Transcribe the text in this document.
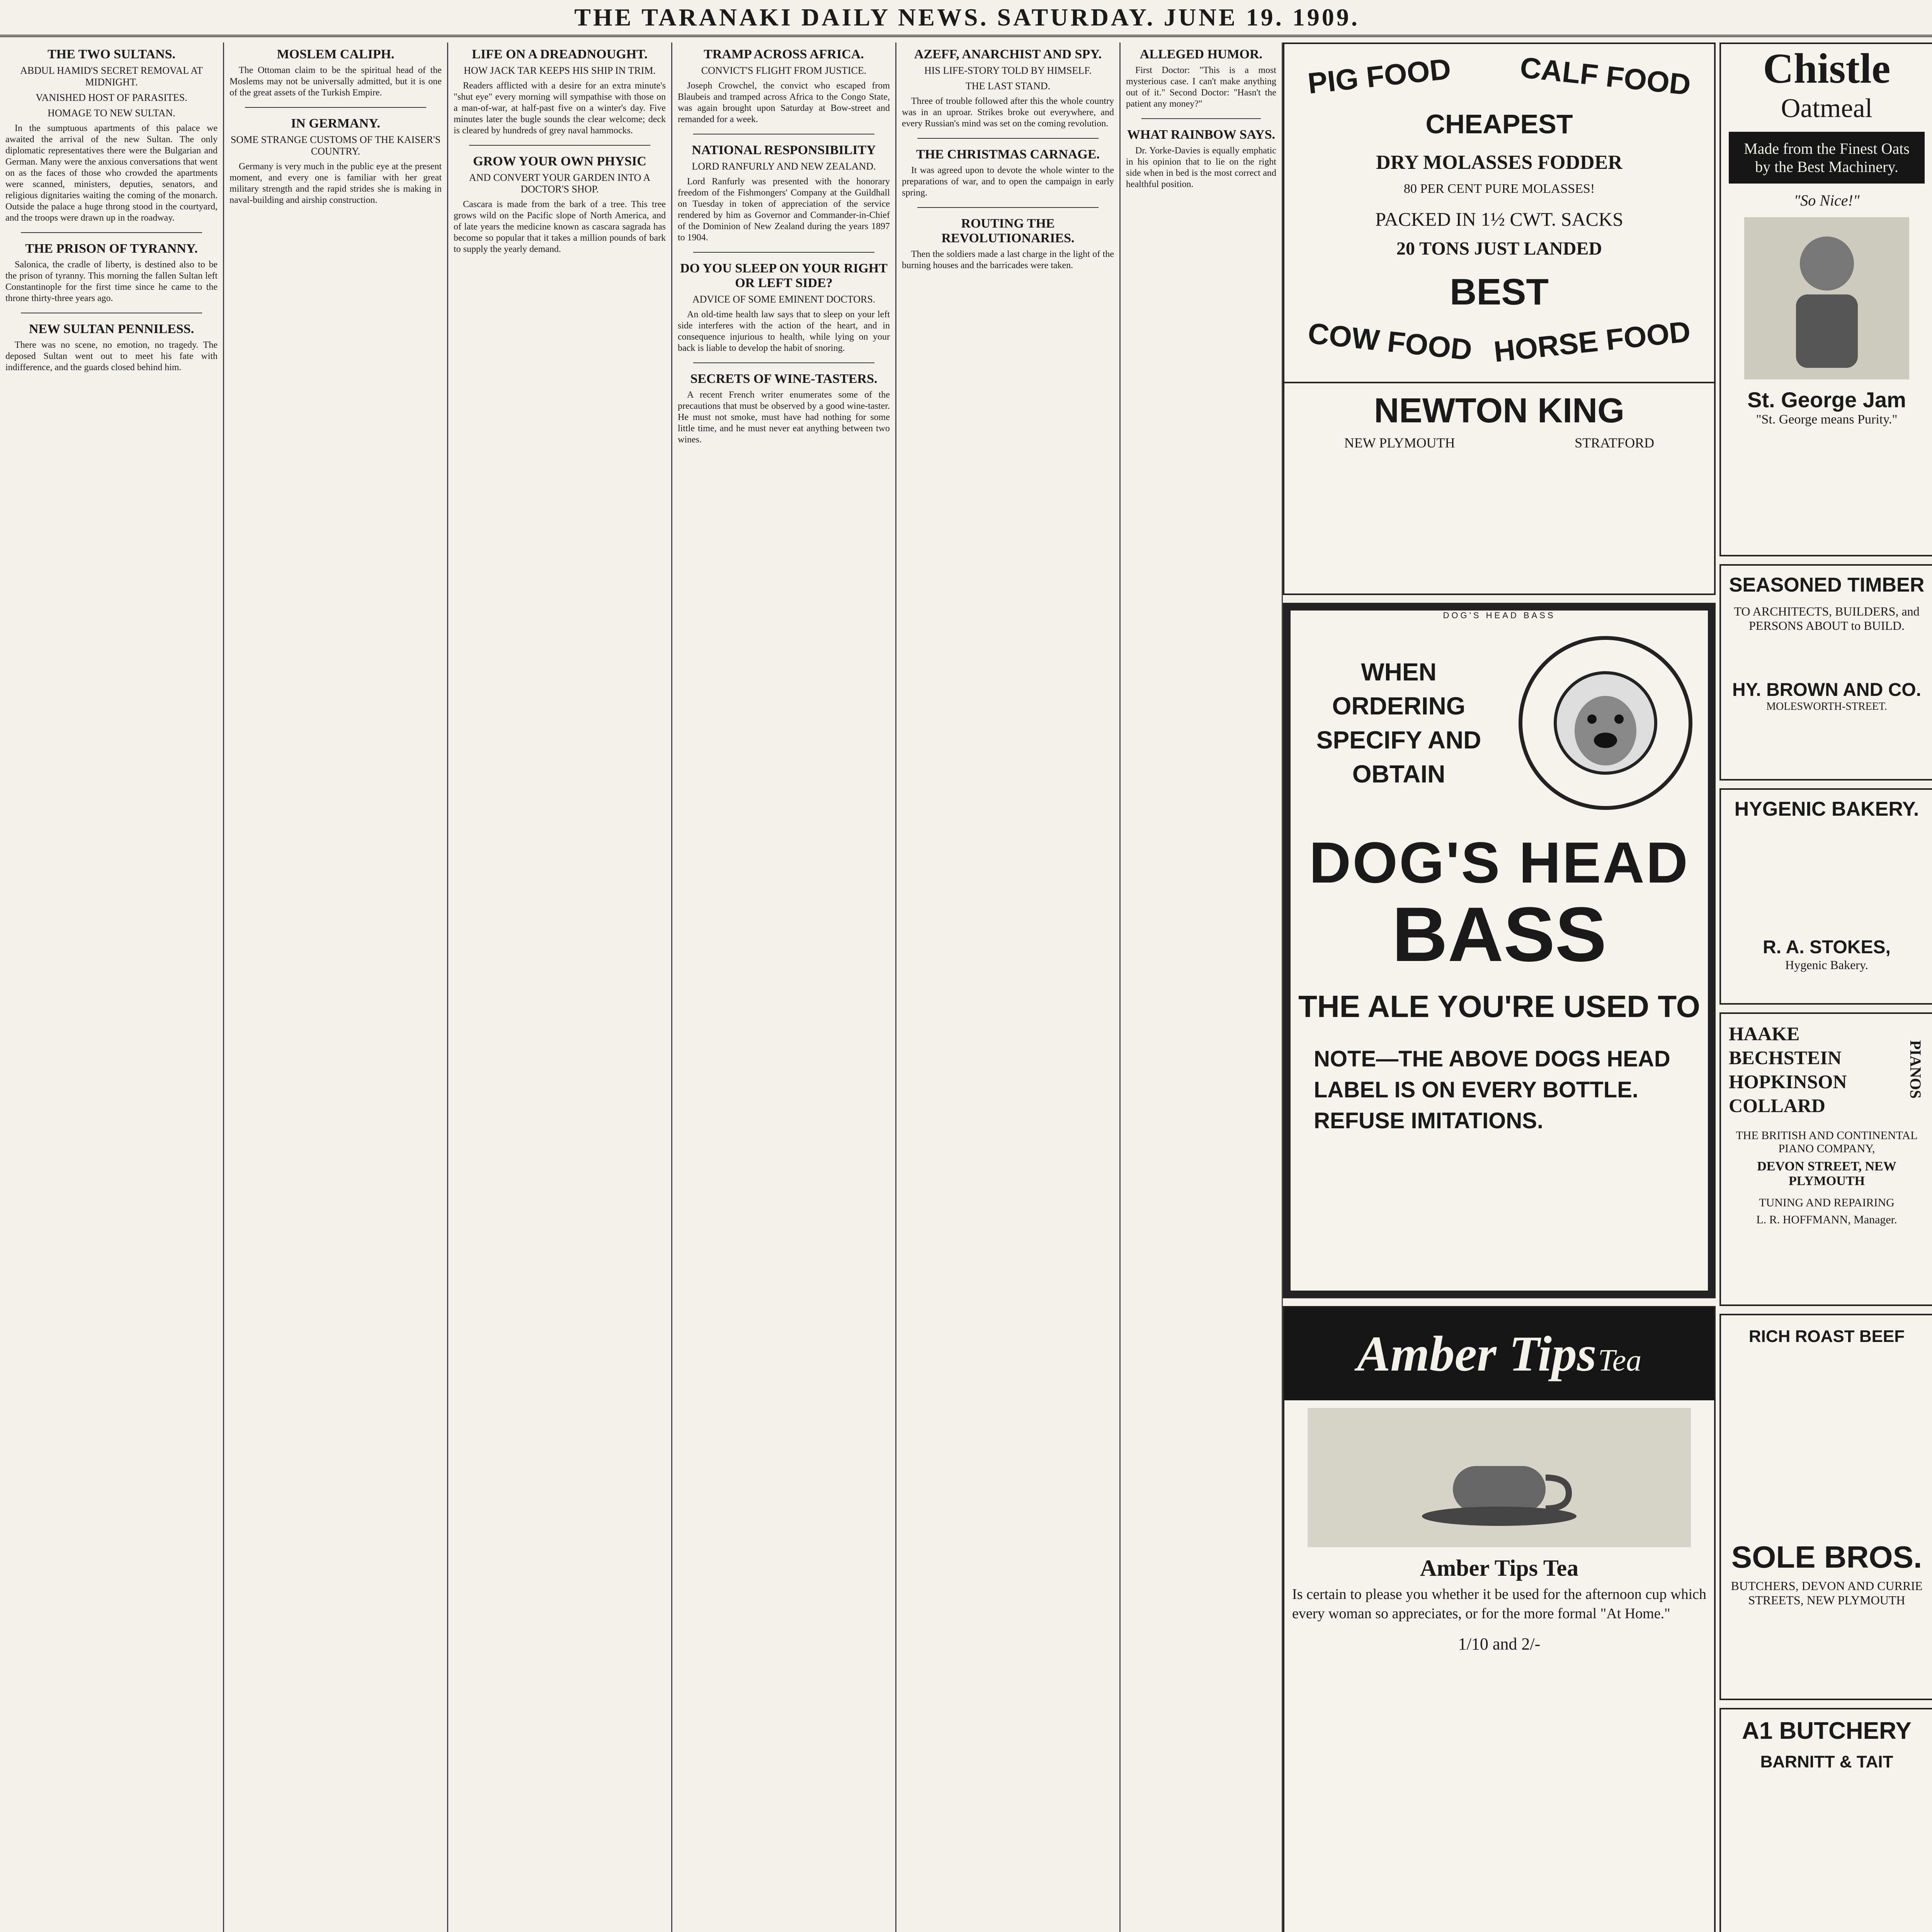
THE TARANAKI DAILY NEWS. SATURDAY. JUNE 19. 1909.
THE TWO SULTANS.
ABDUL HAMID'S SECRET REMOVAL AT MIDNIGHT.
VANISHED HOST OF PARASITES.
HOMAGE TO NEW SULTAN.

In the sumptuous apartments of this palace we awaited the arrival of the new Sultan. The only diplomatic representatives there were the Bulgarian and German. Many were the anxious conversations that went on as the faces of those who crowded the apartments were scanned, ministers, deputies, senators, and religious dignitaries waiting the coming of the monarch. Outside the palace a huge throng stood in the courtyard, and the troops were drawn up in the roadway.

THE PRISON OF TYRANNY.

Salonica, the cradle of liberty, is destined also to be the prison of tyranny. This morning the fallen Sultan left Constantinople for the first time since he came to the throne thirty-three years ago.

NEW SULTAN PENNILESS.

There was no scene, no emotion, no tragedy. The deposed Sultan went out to meet his fate with indifference, and the guards closed behind him.

MOSLEM CALIPH.

The Ottoman claim to be the spiritual head of the Moslems may not be universally admitted, but it is one of the great assets of the Turkish Empire.

IN GERMANY.
SOME STRANGE CUSTOMS OF THE KAISER'S COUNTRY.

Germany is very much in the public eye at the present moment, and every one is familiar with her great military strength and the rapid strides she is making in naval-building and airship construction.

LIFE ON A DREADNOUGHT.
HOW JACK TAR KEEPS HIS SHIP IN TRIM.

Readers afflicted with a desire for an extra minute's "shut eye" every morning will sympathise with those on a man-of-war, at half-past five on a winter's day. Five minutes later the bugle sounds the clear welcome; deck is cleared by hundreds of grey naval hammocks.

GROW YOUR OWN PHYSIC
AND CONVERT YOUR GARDEN INTO A DOCTOR'S SHOP.

Cascara is made from the bark of a tree. This tree grows wild on the Pacific slope of North America, and of late years the medicine known as cascara sagrada has become so popular that it takes a million pounds of bark to supply the yearly demand.

TRAMP ACROSS AFRICA.
CONVICT'S FLIGHT FROM JUSTICE.

Joseph Crowchel, the convict who escaped from Blaubeis and tramped across Africa to the Congo State, was again brought upon Saturday at Bow-street and remanded for a week.

NATIONAL RESPONSIBILITY
LORD RANFURLY AND NEW ZEALAND.

Lord Ranfurly was presented with the honorary freedom of the Fishmongers' Company at the Guildhall on Tuesday in token of appreciation of the service rendered by him as Governor and Commander-in-Chief of the Dominion of New Zealand during the years 1897 to 1904.

DO YOU SLEEP ON YOUR RIGHT OR LEFT SIDE?
ADVICE OF SOME EMINENT DOCTORS.

An old-time health law says that to sleep on your left side interferes with the action of the heart, and in consequence injurious to health, while lying on your back is liable to develop the habit of snoring.

SECRETS OF WINE-TASTERS.

A recent French writer enumerates some of the precautions that must be observed by a good wine-taster. He must not smoke, must have had nothing for some little time, and he must never eat anything between two wines.

AZEFF, ANARCHIST AND SPY.
HIS LIFE-STORY TOLD BY HIMSELF.
THE LAST STAND.

Three of trouble followed after this the whole country was in an uproar. Strikes broke out everywhere, and every Russian's mind was set on the coming revolution.

THE CHRISTMAS CARNAGE.

It was agreed upon to devote the whole winter to the preparations of war, and to open the campaign in early spring.

ROUTING THE REVOLUTIONARIES.

Then the soldiers made a last charge in the light of the burning houses and the barricades were taken.

ALLEGED HUMOR.

First Doctor: "This is a most mysterious case. I can't make anything out of it." Second Doctor: "Hasn't the patient any money?"

WHAT RAINBOW SAYS.

Dr. Yorke-Davies is equally emphatic in his opinion that to lie on the right side when in bed is the most correct and healthful position.

PIG FOOD CALF FOOD
CHEAPEST
DRY MOLASSES FODDER
80 PER CENT PURE MOLASSES!
PACKED IN 1½ CWT. SACKS
20 TONS JUST LANDED
BEST
COW FOOD HORSE FOOD
NEWTON KING
NEW PLYMOUTH	STRATFORD
DOG'S HEAD BASS
WHEN ORDERING SPECIFY AND OBTAIN
DOG'S HEAD
BASS
THE ALE YOU'RE USED TO
NOTE—THE ABOVE DOGS HEAD LABEL IS ON EVERY BOTTLE. REFUSE IMITATIONS.
Amber Tips Tea
Amber Tips Tea
Is certain to please you whether it be used for the afternoon cup which every woman so appreciates, or for the more formal "At Home."
1/10 and 2/-
Chistle
Oatmeal
Made from the Finest Oats by the Best Machinery.
"So Nice!"
St. George Jam
"St. George means Purity."
SEASONED TIMBER
TO ARCHITECTS, BUILDERS, and PERSONS ABOUT to BUILD.
HY. BROWN AND CO.
MOLESWORTH-STREET.
HYGENIC BAKERY.
R. A. STOKES,
Hygenic Bakery.
HAAKE
BECHSTEIN
HOPKINSON
COLLARD
PIANOS
THE BRITISH AND CONTINENTAL PIANO COMPANY,
DEVON STREET, NEW PLYMOUTH
TUNING AND REPAIRING
L. R. HOFFMANN, Manager.
RICH ROAST BEEF
SOLE BROS.
BUTCHERS, DEVON AND CURRIE STREETS, NEW PLYMOUTH
A1 BUTCHERY
BARNITT & TAIT
